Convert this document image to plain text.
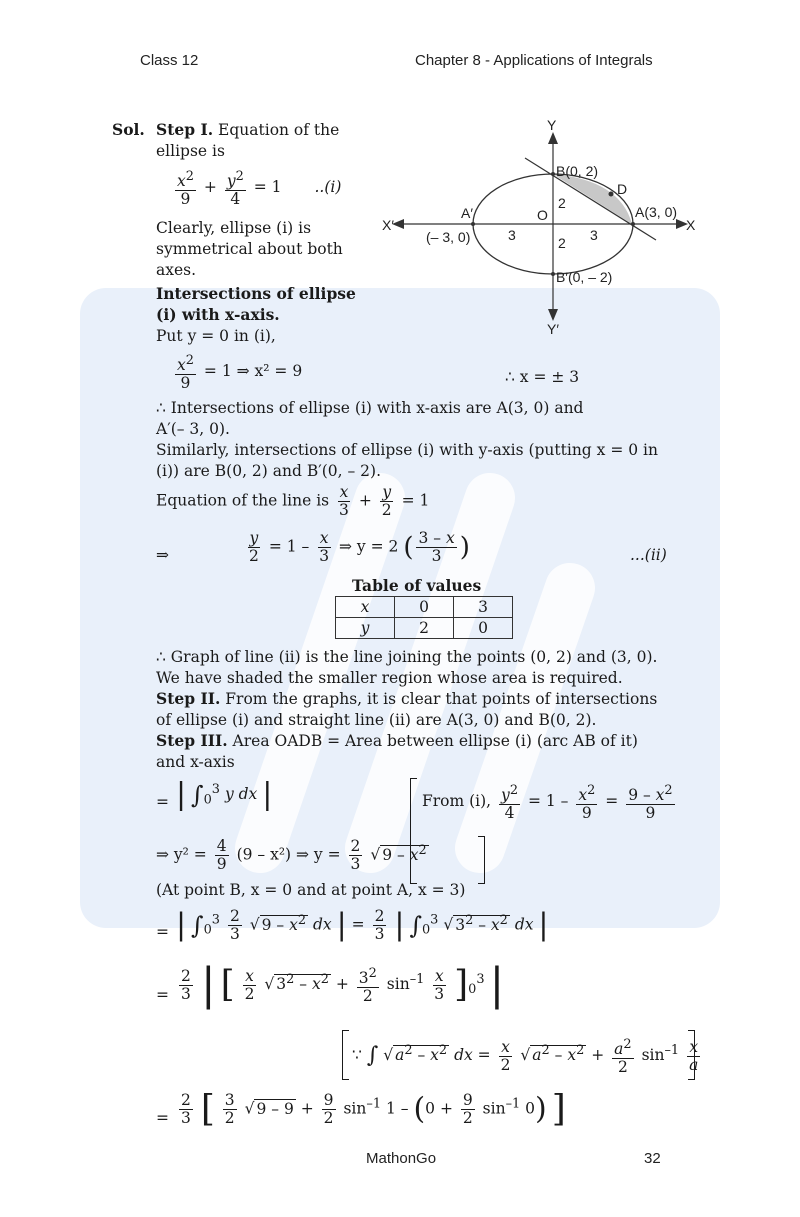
Class 12	Chapter 8 - Applications of Integrals
Y
Y′
X
X′
O
B(0, 2)
D
A(3, 0)
A′
(– 3, 0)
B′(0, – 2)
2
2
3	3
Sol. Step I. Equation of the
ellipse is
$\frac{x^2}{9} + \frac{y^2}{4} = 1$ ..(i)
Clearly, ellipse (i) is
symmetrical about both
axes.
Intersections of ellipse
(i) with x-axis.
Put y = 0 in (i),
$\frac{x^2}{9} = 1$ ⇒ x² = 9	∴ x = ± 3
∴ Intersections of ellipse (i) with x-axis are A(3, 0) and
A′(– 3, 0).
Similarly, intersections of ellipse (i) with y-axis (putting x = 0 in
(i)) are B(0, 2) and B′(0, – 2).
Equation of the line is $\frac{x}{3} + \frac{y}{2} = 1$
⇒	$\frac{y}{2} = 1 - \frac{x}{3}$ ⇒ y = 2 ( $\frac{3 - x}{3}$ )	...(ii)
Table of values
x	0	3
y	2	0
∴ Graph of line (ii) is the line joining the points (0, 2) and (3, 0).
We have shaded the smaller region whose area is required.
Step II. From the graphs, it is clear that points of intersections
of ellipse (i) and straight line (ii) are A(3, 0) and B(0, 2).
Step III. Area OADB = Area between ellipse (i) (arc AB of it)
and x-axis
= | $\int_0^3$ y dx |	From (i), $\frac{y^2}{4} = 1 - \frac{x^2}{9} = \frac{9 - x^2}{9}$
⇒ $y^2 = \frac{4}{9} (9 - x^2)$ ⇒ $y = \frac{2}{3}$ √ $9 - x^2$
(At point B, x = 0 and at point A, x = 3)
= | $\int_0^3 \frac{2}{3}$ √ $9 - x^2$ dx | = $\frac{2}{3}$ | $\int_0^3$ √ $3^2 - x^2$ dx |
= $\frac{2}{3}$ | [ $\frac{x}{2}$ √ $3^2 - x^2 + \frac{3^2}{2} \sin^{-1} \frac{x}{3} ]_0^3$ |
∵ ∫ √ $a^2 - x^2$ dx = $\frac{x}{2}$ √ $a^2 - x^2 + \frac{a^2}{2} \sin^{-1} \frac{x}{a}$
= $\frac{2}{3}$ [ $\frac{3}{2}$ √ $9 - 9 + \frac{9}{2} \sin^{-1} 1 - (0 + \frac{9}{2} \sin^{-1} 0)$ ]
MathonGo	32
